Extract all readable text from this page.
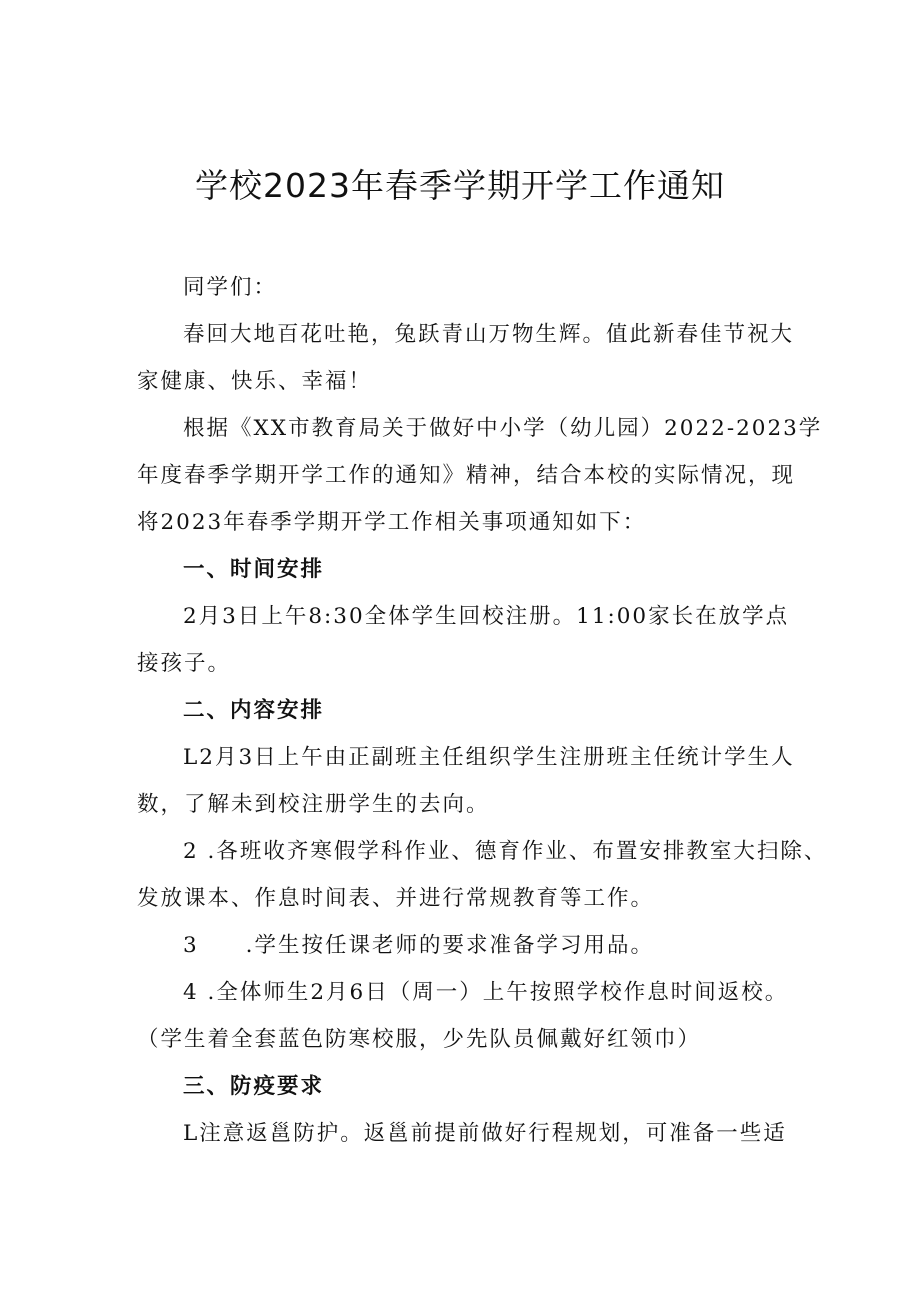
学校2023年春季学期开学工作通知
同学们：
春回大地百花吐艳，兔跃青山万物生辉。值此新春佳节祝大
家健康、快乐、幸福！
根据《XX市教育局关于做好中小学（幼儿园）2022-2023学
年度春季学期开学工作的通知》精神，结合本校的实际情况，现
将2023年春季学期开学工作相关事项通知如下：
一、时间安排
2月3日上午8:30全体学生回校注册。11:00家长在放学点
接孩子。
二、内容安排
L2月3日上午由正副班主任组织学生注册班主任统计学生人
数，了解未到校注册学生的去向。
2 .各班收齐寒假学科作业、德育作业、布置安排教室大扫除、
发放课本、作息时间表、并进行常规教育等工作。
3　　.学生按任课老师的要求准备学习用品。
4 .全体师生2月6日（周一）上午按照学校作息时间返校。
（学生着全套蓝色防寒校服，少先队员佩戴好红领巾）
三、防疫要求
L注意返邕防护。返邕前提前做好行程规划，可准备一些适
